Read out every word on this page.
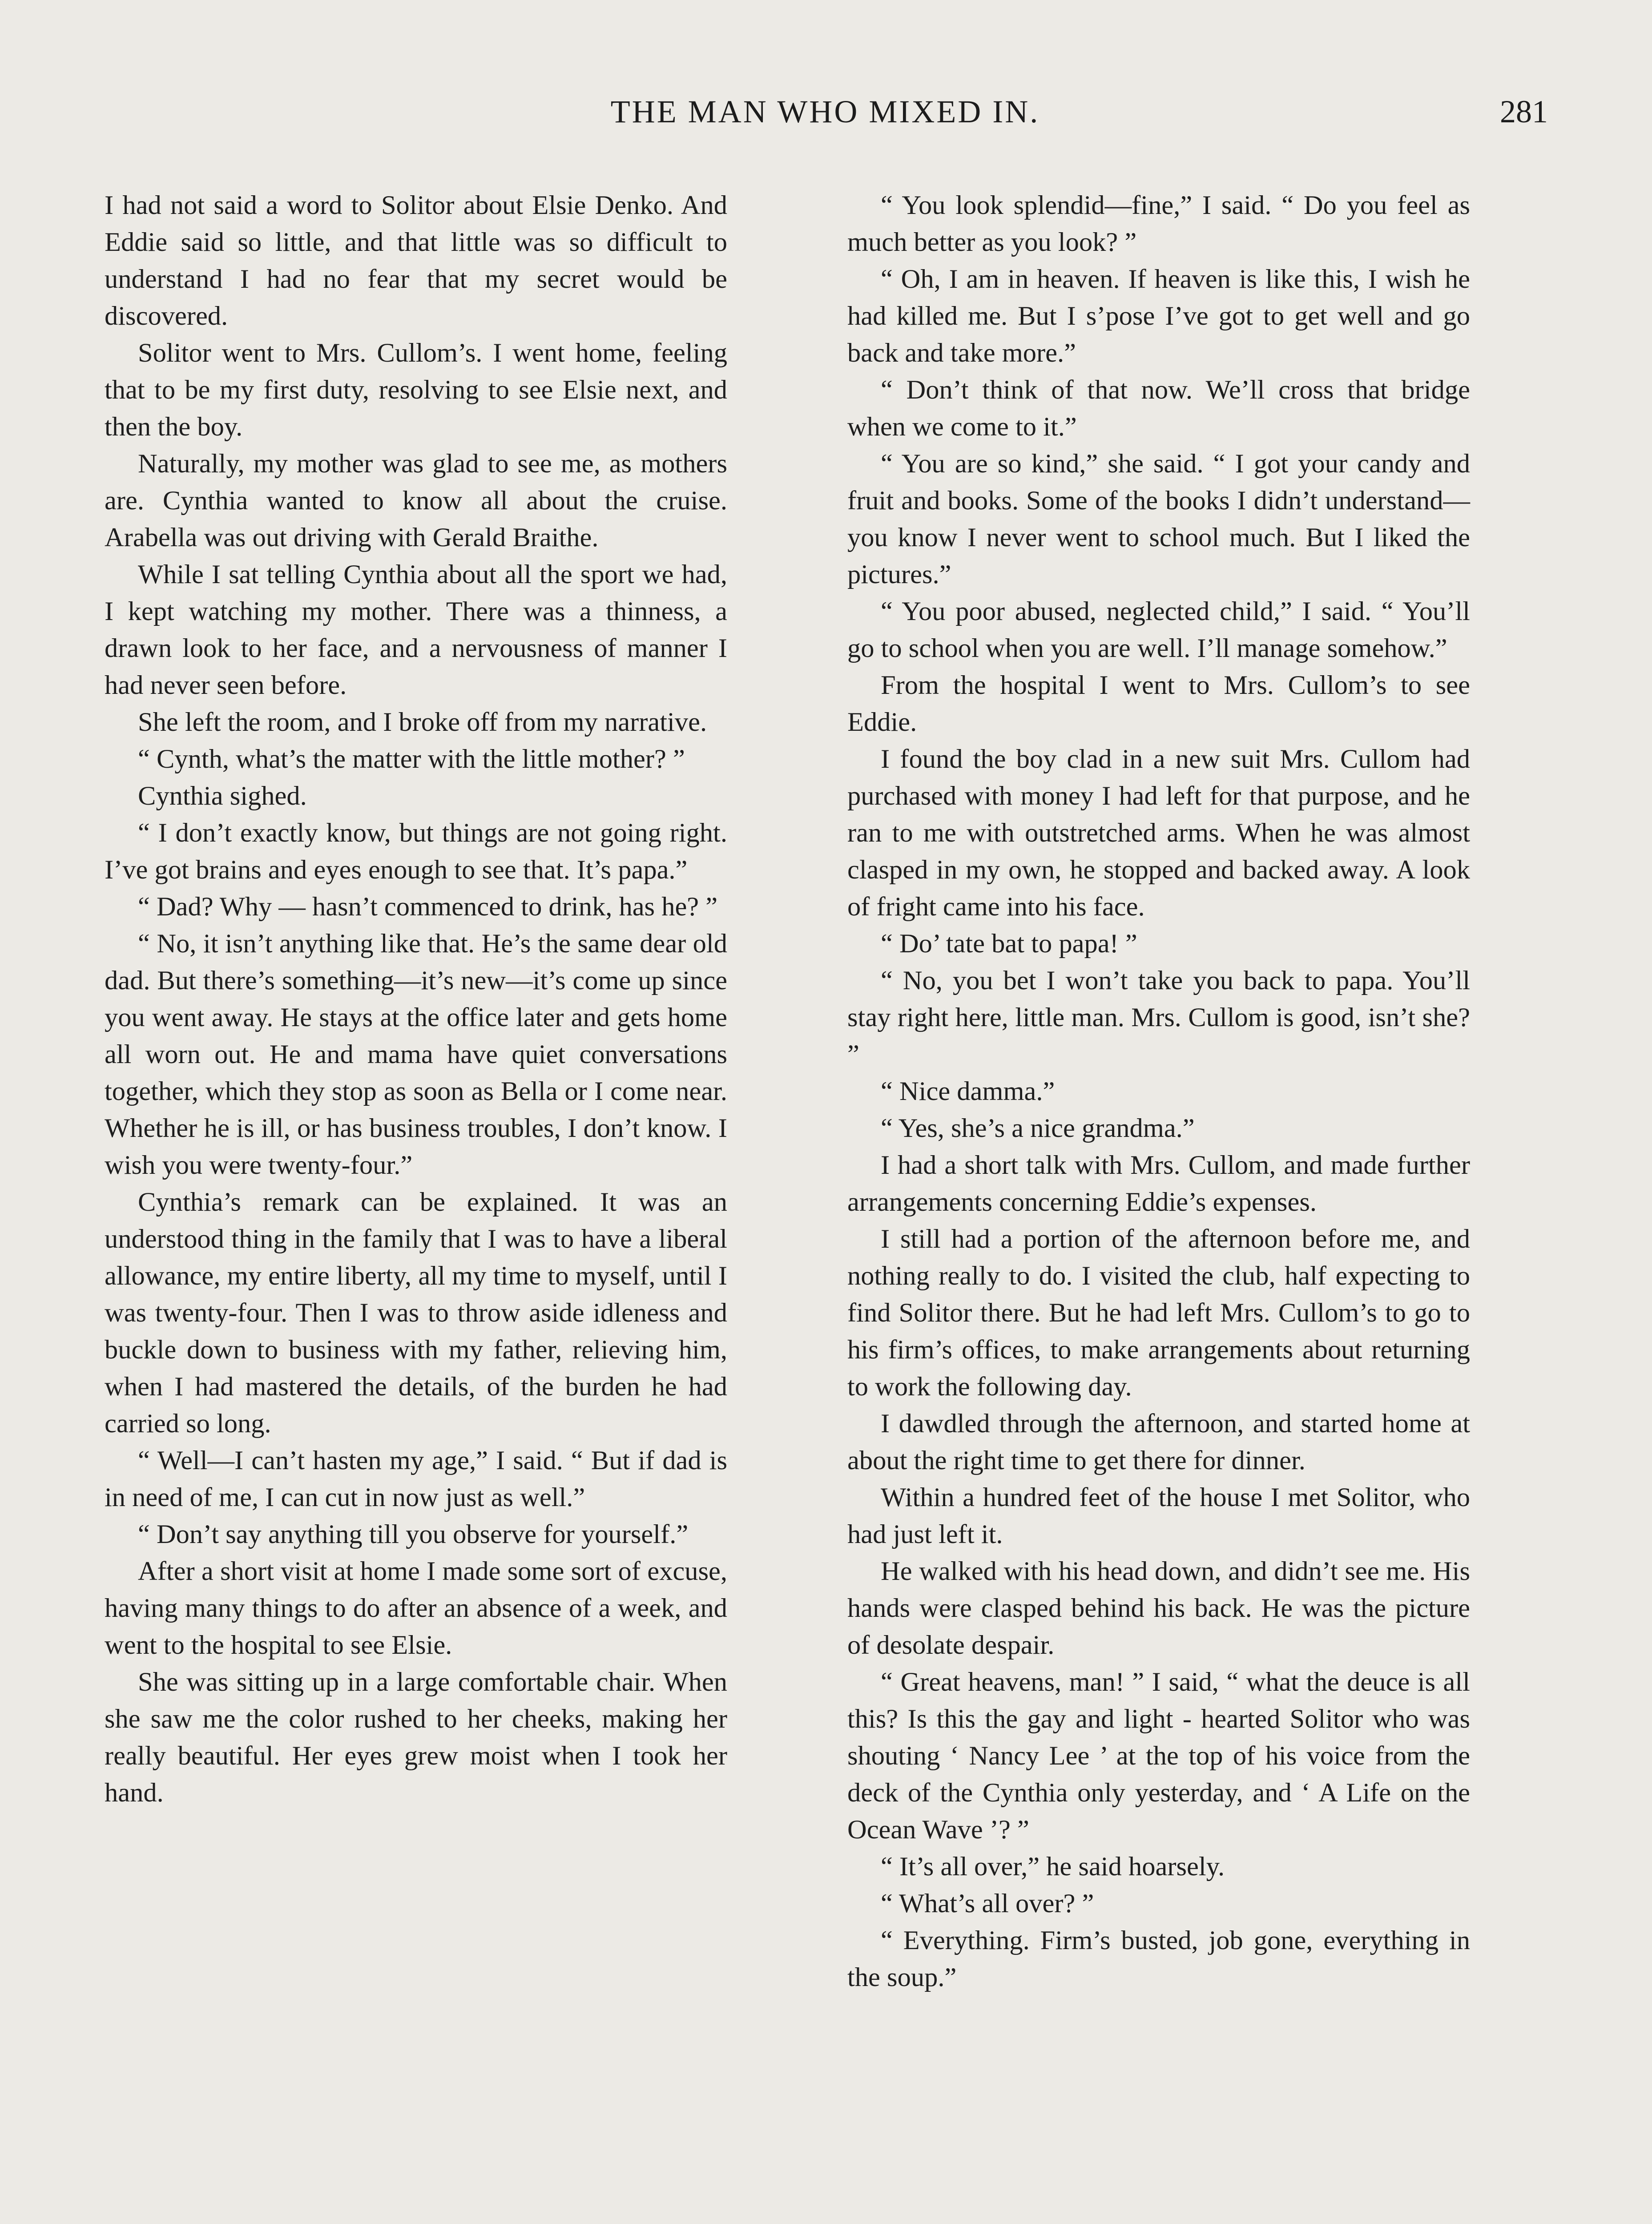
THE MAN WHO MIXED IN.	281

I had not said a word to Solitor about Elsie Denko. And Eddie said so little, and that little was so difficult to understand I had no fear that my secret would be discovered.

Solitor went to Mrs. Cullom’s. I went home, feeling that to be my first duty, resolving to see Elsie next, and then the boy.

Naturally, my mother was glad to see me, as mothers are. Cynthia wanted to know all about the cruise. Arabella was out driving with Gerald Braithe.

While I sat telling Cynthia about all the sport we had, I kept watching my mother. There was a thinness, a drawn look to her face, and a nervousness of manner I had never seen before.

She left the room, and I broke off from my narrative.

“ Cynth, what’s the matter with the little mother? ”

Cynthia sighed.

“ I don’t exactly know, but things are not going right. I’ve got brains and eyes enough to see that. It’s papa.”

“ Dad? Why — hasn’t commenced to drink, has he? ”

“ No, it isn’t anything like that. He’s the same dear old dad. But there’s something—it’s new—it’s come up since you went away. He stays at the office later and gets home all worn out. He and mama have quiet conversations together, which they stop as soon as Bella or I come near. Whether he is ill, or has business troubles, I don’t know. I wish you were twenty-four.”

Cynthia’s remark can be explained. It was an understood thing in the family that I was to have a liberal allowance, my entire liberty, all my time to myself, until I was twenty-four. Then I was to throw aside idleness and buckle down to business with my father, relieving him, when I had mastered the details, of the burden he had carried so long.

“ Well—I can’t hasten my age,” I said. “ But if dad is in need of me, I can cut in now just as well.”

“ Don’t say anything till you observe for yourself.”

After a short visit at home I made some sort of excuse, having many things to do after an absence of a week, and went to the hospital to see Elsie.

She was sitting up in a large comfortable chair. When she saw me the color rushed to her cheeks, making her really beautiful. Her eyes grew moist when I took her hand.

“ You look splendid—fine,” I said. “ Do you feel as much better as you look? ”

“ Oh, I am in heaven. If heaven is like this, I wish he had killed me. But I s’pose I’ve got to get well and go back and take more.”

“ Don’t think of that now. We’ll cross that bridge when we come to it.”

“ You are so kind,” she said. “ I got your candy and fruit and books. Some of the books I didn’t understand—you know I never went to school much. But I liked the pictures.”

“ You poor abused, neglected child,” I said. “ You’ll go to school when you are well. I’ll manage somehow.”

From the hospital I went to Mrs. Cullom’s to see Eddie.

I found the boy clad in a new suit Mrs. Cullom had purchased with money I had left for that purpose, and he ran to me with outstretched arms. When he was almost clasped in my own, he stopped and backed away. A look of fright came into his face.

“ Do’ tate bat to papa! ”

“ No, you bet I won’t take you back to papa. You’ll stay right here, little man. Mrs. Cullom is good, isn’t she? ”

“ Nice damma.”

“ Yes, she’s a nice grandma.”

I had a short talk with Mrs. Cullom, and made further arrangements concerning Eddie’s expenses.

I still had a portion of the afternoon before me, and nothing really to do. I visited the club, half expecting to find Solitor there. But he had left Mrs. Cullom’s to go to his firm’s offices, to make arrangements about returning to work the following day.

I dawdled through the afternoon, and started home at about the right time to get there for dinner.

Within a hundred feet of the house I met Solitor, who had just left it.

He walked with his head down, and didn’t see me. His hands were clasped behind his back. He was the picture of desolate despair.

“ Great heavens, man! ” I said, “ what the deuce is all this? Is this the gay and light - hearted Solitor who was shouting ‘ Nancy Lee ’ at the top of his voice from the deck of the Cynthia only yesterday, and ‘ A Life on the Ocean Wave ’? ”

“ It’s all over,” he said hoarsely.

“ What’s all over? ”

“ Everything. Firm’s busted, job gone, everything in the soup.”
